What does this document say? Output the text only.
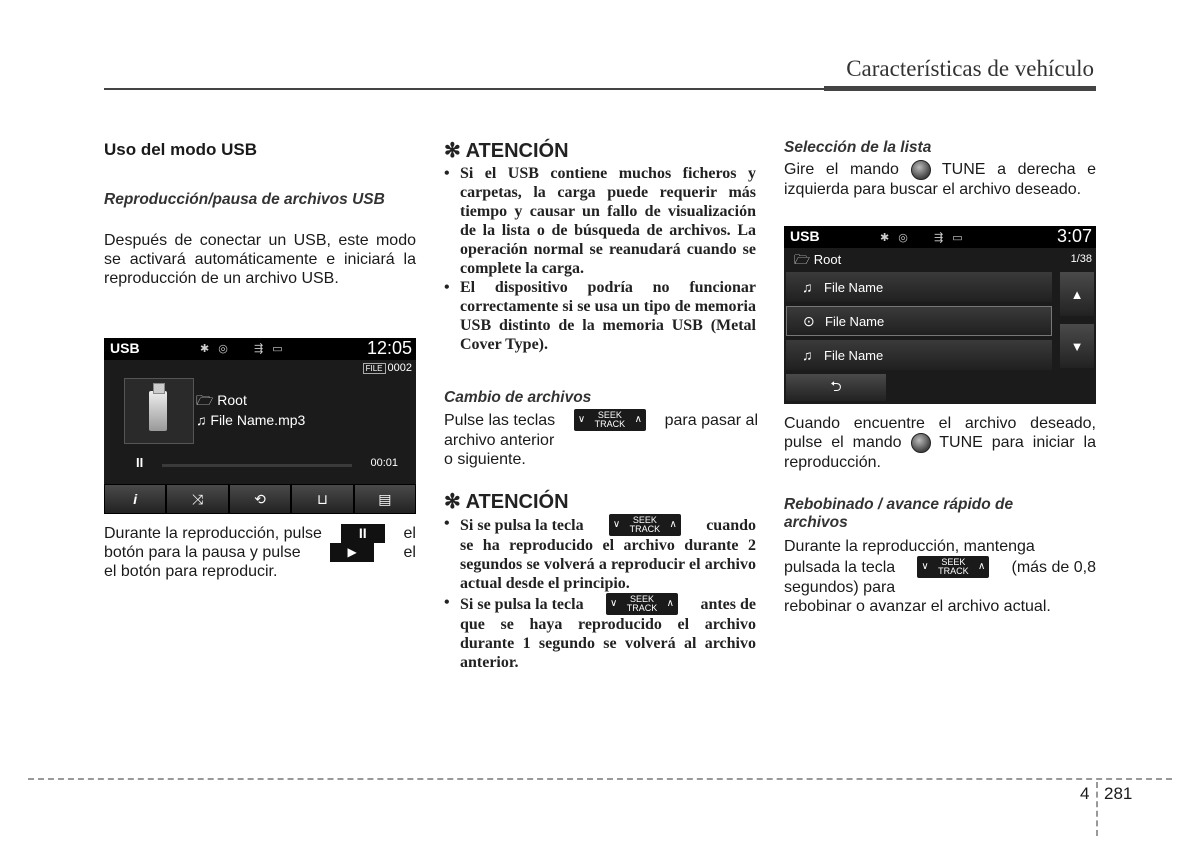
Características de vehículo
Uso del modo USB
Reproducción/pausa de archivos USB
Después de conectar un USB, este modo se activará automáticamente e iniciará la reproducción de un archivo USB.
USB	✱ ◎ ⇶ ▭	12:05
FILE 0002
🗁 Root
♫ File Name.mp3
II	00:01
i	⤨	⟲	⊔	▤
Durante la reproducción, pulse	II	el
botón para la pausa y pulse	▶	el
el botón para reproducir.
✻ ATENCIÓN
• Si el USB contiene muchos ficheros y carpetas, la carga puede requerir más tiempo y causar un fallo de visualización de la lista o de búsqueda de archivos. La operación normal se reanudará cuando se complete la carga.
• El dispositivo podría no funcionar correctamente si se usa un tipo de memoria USB distinto de la memoria USB (Metal Cover Type).
Cambio de archivos
Pulse las teclas ∨	SEEK
TRACK ∧ para pasar al
archivo anterior
o siguiente.
✻ ATENCIÓN
• Si se pulsa la tecla	∨	SEEK
TRACK ∧ cuando
se ha reproducido el archivo durante 2 segundos se volverá a reproducir el archivo actual desde el principio.
• Si se pulsa la tecla	∨	SEEK
TRACK ∧ antes de
que se haya reproducido el archivo durante 1 segundo se volverá al archivo anterior.
Selección de la lista
Gire el mando	TUNE a derecha e izquierda para buscar el archivo deseado.
USB	✱ ◎ ⇶ ▭	3:07
🗁 Root	1/38
♫ File Name
⊙ File Name
♫ File Name
▲
▼
⮌
Cuando encuentre el archivo deseado, pulse el mando TUNE para iniciar la reproducción.
Rebobinado / avance rápido de archivos
Durante la reproducción, mantenga
pulsada la tecla	∨	SEEK
TRACK ∧ (más de 0,8
segundos) para
rebobinar o avanzar el archivo actual.
4 281
